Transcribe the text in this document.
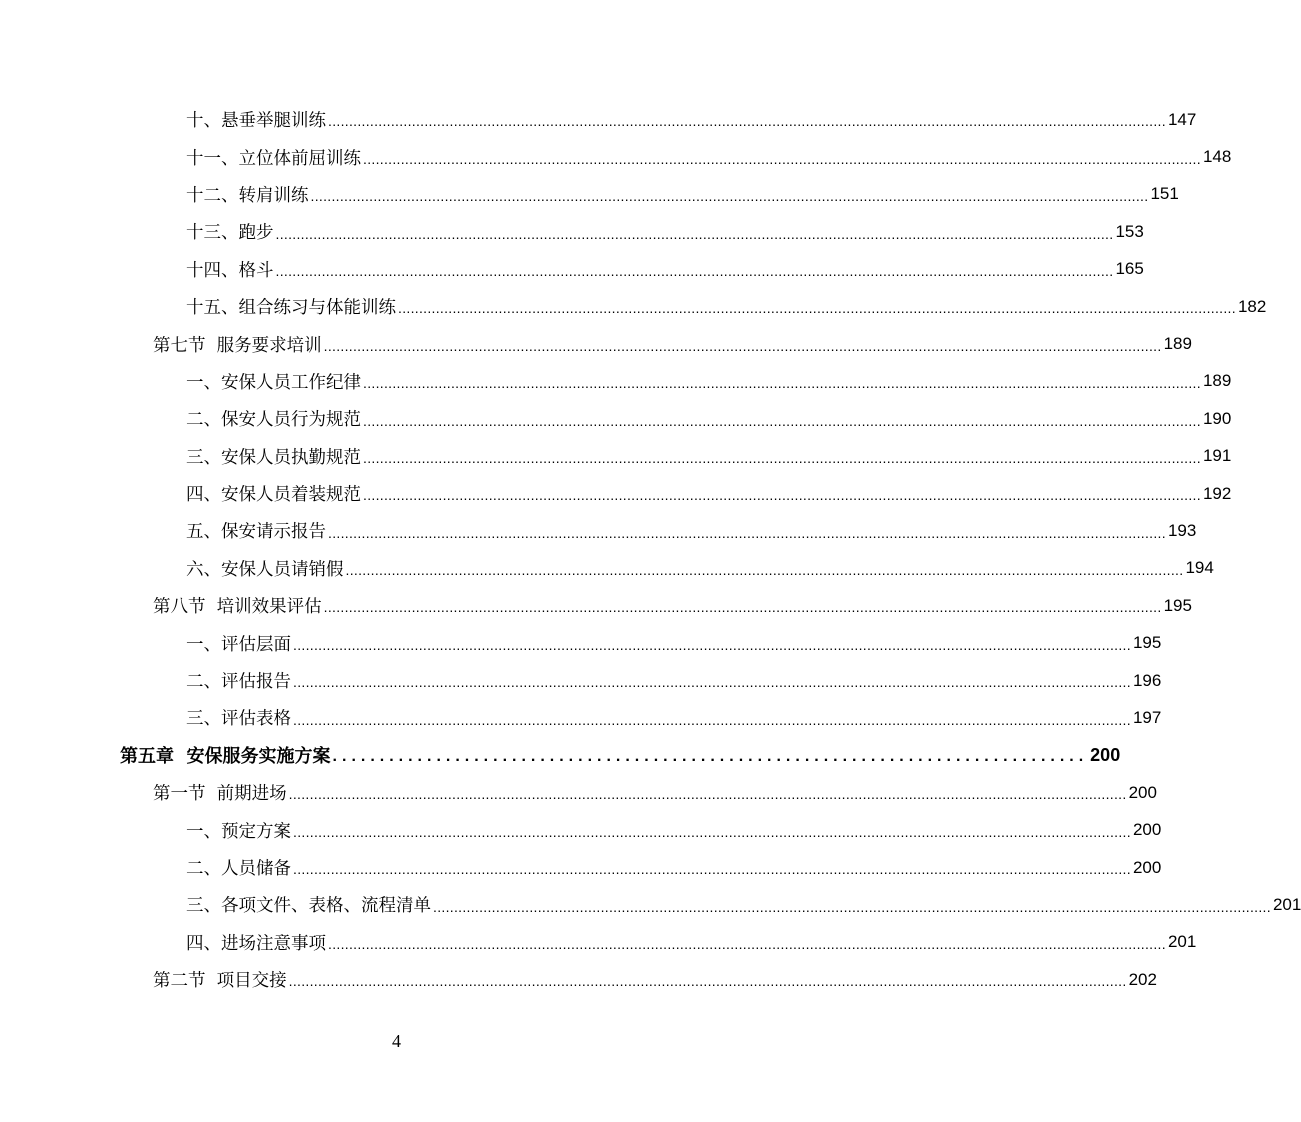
十、悬垂举腿训练 ........................................................................................................................................................................................................ 147
十一、立位体前屈训练 ........................................................................................................................................................................................................ 148
十二、转肩训练 ........................................................................................................................................................................................................ 151
十三、跑步 ........................................................................................................................................................................................................ 153
十四、格斗 ........................................................................................................................................................................................................ 165
十五、组合练习与体能训练 ........................................................................................................................................................................................................ 182
第七节  服务要求培训 ........................................................................................................................................................................................................ 189
一、安保人员工作纪律 ........................................................................................................................................................................................................ 189
二、保安人员行为规范 ........................................................................................................................................................................................................ 190
三、安保人员执勤规范 ........................................................................................................................................................................................................ 191
四、安保人员着装规范 ........................................................................................................................................................................................................ 192
五、保安请示报告 ........................................................................................................................................................................................................ 193
六、安保人员请销假 ........................................................................................................................................................................................................ 194
第八节  培训效果评估 ........................................................................................................................................................................................................ 195
一、评估层面 ........................................................................................................................................................................................................ 195
二、评估报告 ........................................................................................................................................................................................................ 196
三、评估表格 ........................................................................................................................................................................................................ 197
第五章  安保服务实施方案 ................................................................................ 200
第一节  前期进场 ........................................................................................................................................................................................................ 200
一、预定方案 ........................................................................................................................................................................................................ 200
二、人员储备 ........................................................................................................................................................................................................ 200
三、各项文件、表格、流程清单 ........................................................................................................................................................................................................ 201
四、进场注意事项 ........................................................................................................................................................................................................ 201
第二节  项目交接 ........................................................................................................................................................................................................ 202
4
